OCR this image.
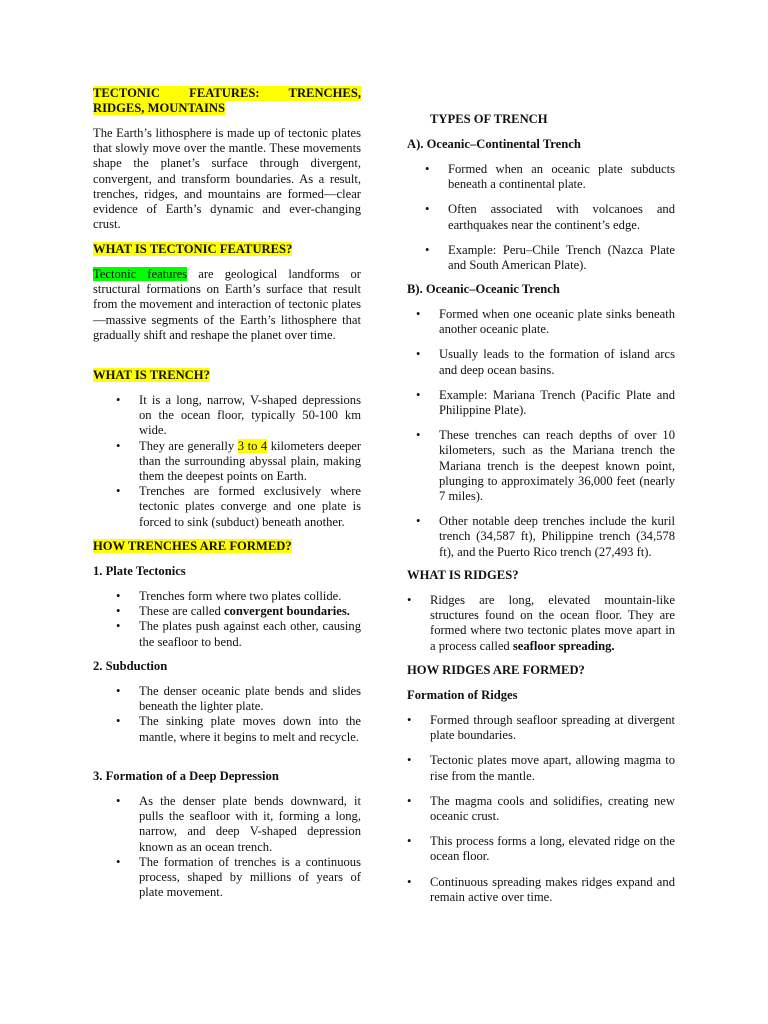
TECTONIC FEATURES: TRENCHES,
RIDGES, MOUNTAINS

The Earth’s lithosphere is made up of tectonic plates that slowly move over the mantle. These movements shape the planet’s surface through divergent, convergent, and transform boundaries. As a result, trenches, ridges, and mountains are formed—clear evidence of Earth’s dynamic and ever-changing crust.

WHAT IS TECTONIC FEATURES?

Tectonic features are geological landforms or structural formations on Earth’s surface that result from the movement and interaction of tectonic plates—massive segments of the Earth’s lithosphere that gradually shift and reshape the planet over time.

WHAT IS TRENCH?
• It is a long, narrow, V-shaped depressions on the ocean floor, typically 50-100 km wide.
• They are generally 3 to 4 kilometers deeper than the surrounding abyssal plain, making them the deepest points on Earth.
• Trenches are formed exclusively where tectonic plates converge and one plate is forced to sink (subduct) beneath another.
HOW TRENCHES ARE FORMED?
1. Plate Tectonics
• Trenches form where two plates collide.
• These are called convergent boundaries.
• The plates push against each other, causing the seafloor to bend.
2. Subduction
• The denser oceanic plate bends and slides beneath the lighter plate.
• The sinking plate moves down into the mantle, where it begins to melt and recycle.
3. Formation of a Deep Depression
• As the denser plate bends downward, it pulls the seafloor with it, forming a long, narrow, and deep V-shaped depression known as an ocean trench.
• The formation of trenches is a continuous process, shaped by millions of years of plate movement.
TYPES OF TRENCH
A). Oceanic–Continental Trench
• Formed when an oceanic plate subducts beneath a continental plate.
• Often associated with volcanoes and earthquakes near the continent’s edge.
• Example: Peru–Chile Trench (Nazca Plate and South American Plate).
B). Oceanic–Oceanic Trench
• Formed when one oceanic plate sinks beneath another oceanic plate.
• Usually leads to the formation of island arcs and deep ocean basins.
• Example: Mariana Trench (Pacific Plate and Philippine Plate).
• These trenches can reach depths of over 10 kilometers, such as the Mariana trench the Mariana trench is the deepest known point, plunging to approximately 36,000 feet (nearly 7 miles).
• Other notable deep trenches include the kuril trench (34,587 ft), Philippine trench (34,578 ft), and the Puerto Rico trench (27,493 ft).
WHAT IS RIDGES?
• Ridges are long, elevated mountain-like structures found on the ocean floor. They are formed where two tectonic plates move apart in a process called seafloor spreading.
HOW RIDGES ARE FORMED?
Formation of Ridges
• Formed through seafloor spreading at divergent plate boundaries.
• Tectonic plates move apart, allowing magma to rise from the mantle.
• The magma cools and solidifies, creating new oceanic crust.
• This process forms a long, elevated ridge on the ocean floor.
• Continuous spreading makes ridges expand and remain active over time.
